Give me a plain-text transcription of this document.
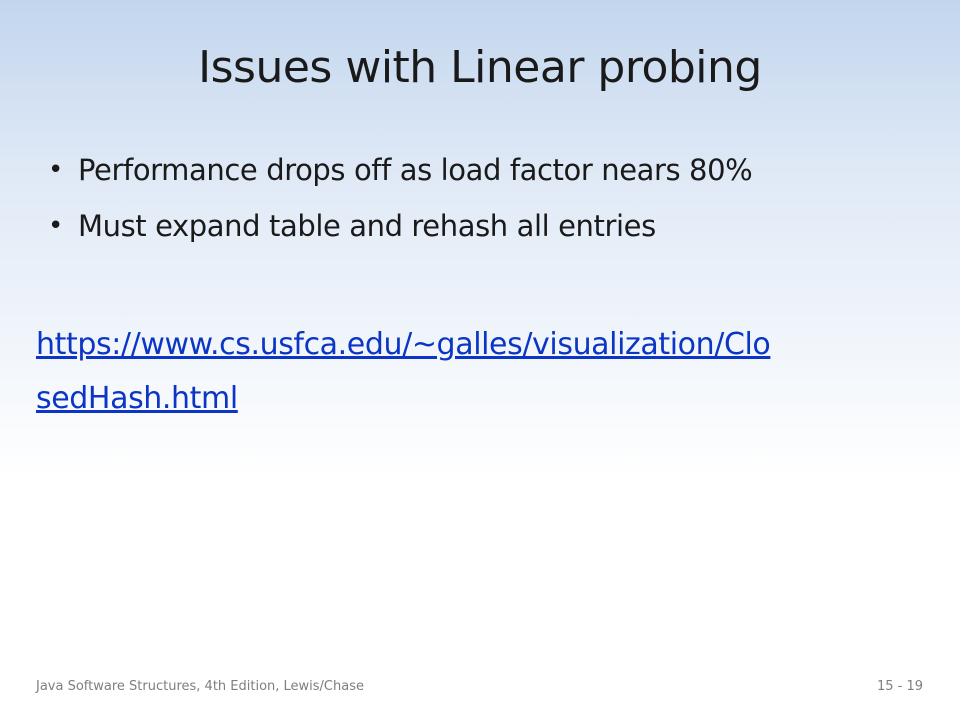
Issues with Linear probing
• Performance drops off as load factor nears 80%
• Must expand table and rehash all entries
https://www.cs.usfca.edu/~galles/visualization/Clo
sedHash.html
Java Software Structures, 4th Edition, Lewis/Chase	15 - 19
